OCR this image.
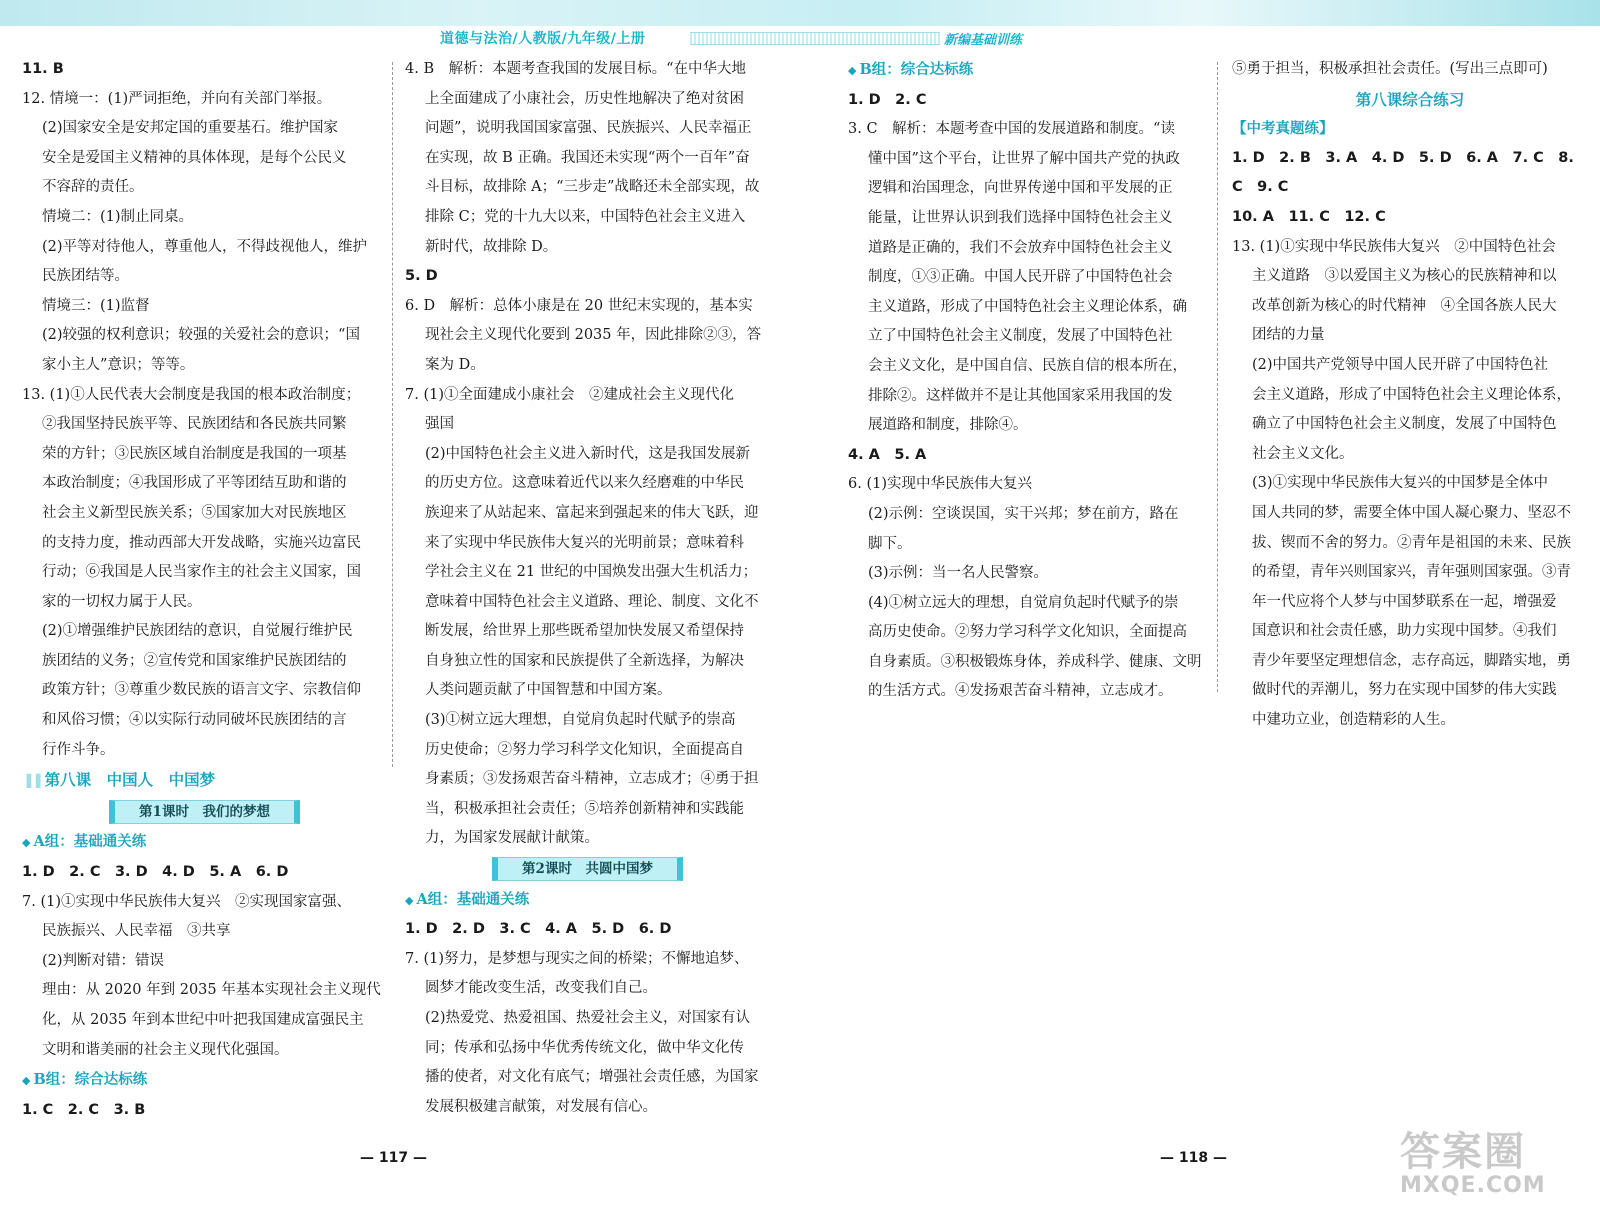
道德与法治/人教版/九年级/上册	新编基础训练

11. B

12. 情境一：(1)严词拒绝，并向有关部门举报。

(2)国家安全是安邦定国的重要基石。维护国家

安全是爱国主义精神的具体体现，是每个公民义

不容辞的责任。

情境二：(1)制止同桌。

(2)平等对待他人，尊重他人，不得歧视他人，维护

民族团结等。

情境三：(1)监督

(2)较强的权利意识；较强的关爱社会的意识；“国

家小主人”意识；等等。

13. (1)①人民代表大会制度是我国的根本政治制度；

②我国坚持民族平等、民族团结和各民族共同繁

荣的方针；③民族区域自治制度是我国的一项基

本政治制度；④我国形成了平等团结互助和谐的

社会主义新型民族关系；⑤国家加大对民族地区

的支持力度，推动西部大开发战略，实施兴边富民

行动；⑥我国是人民当家作主的社会主义国家，国

家的一切权力属于人民。

(2)①增强维护民族团结的意识，自觉履行维护民

族团结的义务；②宣传党和国家维护民族团结的

政策方针；③尊重少数民族的语言文字、宗教信仰

和风俗习惯；④以实际行动同破坏民族团结的言

行作斗争。

▐▐ 第八课　中国人　中国梦

第1课时　我们的梦想

◆ A组：基础通关练

1. D　2. C　3. D　4. D　5. A　6. D

7. (1)①实现中华民族伟大复兴　②实现国家富强、

民族振兴、人民幸福　③共享

(2)判断对错：错误

理由：从 2020 年到 2035 年基本实现社会主义现代

化，从 2035 年到本世纪中叶把我国建成富强民主

文明和谐美丽的社会主义现代化强国。

◆ B组：综合达标练

1. C　2. C　3. B

4. B　解析：本题考查我国的发展目标。“在中华大地

上全面建成了小康社会，历史性地解决了绝对贫困

问题”，说明我国国家富强、民族振兴、人民幸福正

在实现，故 B 正确。我国还未实现“两个一百年”奋

斗目标，故排除 A；“三步走”战略还未全部实现，故

排除 C；党的十九大以来，中国特色社会主义进入

新时代，故排除 D。

5. D

6. D　解析：总体小康是在 20 世纪末实现的，基本实

现社会主义现代化要到 2035 年，因此排除②③，答

案为 D。

7. (1)①全面建成小康社会　②建成社会主义现代化

强国

(2)中国特色社会主义进入新时代，这是我国发展新

的历史方位。这意味着近代以来久经磨难的中华民

族迎来了从站起来、富起来到强起来的伟大飞跃，迎

来了实现中华民族伟大复兴的光明前景；意味着科

学社会主义在 21 世纪的中国焕发出强大生机活力；

意味着中国特色社会主义道路、理论、制度、文化不

断发展，给世界上那些既希望加快发展又希望保持

自身独立性的国家和民族提供了全新选择，为解决

人类问题贡献了中国智慧和中国方案。

(3)①树立远大理想，自觉肩负起时代赋予的崇高

历史使命；②努力学习科学文化知识，全面提高自

身素质；③发扬艰苦奋斗精神，立志成才；④勇于担

当，积极承担社会责任；⑤培养创新精神和实践能

力，为国家发展献计献策。

第2课时　共圆中国梦

◆ A组：基础通关练

1. D　2. D　3. C　4. A　5. D　6. D

7. (1)努力，是梦想与现实之间的桥梁；不懈地追梦、

圆梦才能改变生活，改变我们自己。

(2)热爱党、热爱祖国、热爱社会主义，对国家有认

同；传承和弘扬中华优秀传统文化，做中华文化传

播的使者，对文化有底气；增强社会责任感，为国家

发展积极建言献策，对发展有信心。

◆ B组：综合达标练

1. D　2. C

3. C　解析：本题考查中国的发展道路和制度。“读

懂中国”这个平台，让世界了解中国共产党的执政

逻辑和治国理念，向世界传递中国和平发展的正

能量，让世界认识到我们选择中国特色社会主义

道路是正确的，我们不会放弃中国特色社会主义

制度，①③正确。中国人民开辟了中国特色社会

主义道路，形成了中国特色社会主义理论体系，确

立了中国特色社会主义制度，发展了中国特色社

会主义文化，是中国自信、民族自信的根本所在，

排除②。这样做并不是让其他国家采用我国的发

展道路和制度，排除④。

4. A　5. A

6. (1)实现中华民族伟大复兴

(2)示例：空谈误国，实干兴邦；梦在前方，路在

脚下。

(3)示例：当一名人民警察。

(4)①树立远大的理想，自觉肩负起时代赋予的崇

高历史使命。②努力学习科学文化知识，全面提高

自身素质。③积极锻炼身体，养成科学、健康、文明

的生活方式。④发扬艰苦奋斗精神，立志成才。

⑤勇于担当，积极承担社会责任。(写出三点即可)

第八课综合练习

【中考真题练】

1. D　2. B　3. A　4. D　5. D　6. A　7. C　8. C　9. C

10. A　11. C　12. C

13. (1)①实现中华民族伟大复兴　②中国特色社会

主义道路　③以爱国主义为核心的民族精神和以

改革创新为核心的时代精神　④全国各族人民大

团结的力量

(2)中国共产党领导中国人民开辟了中国特色社

会主义道路，形成了中国特色社会主义理论体系，

确立了中国特色社会主义制度，发展了中国特色

社会主义文化。

(3)①实现中华民族伟大复兴的中国梦是全体中

国人共同的梦，需要全体中国人凝心聚力、坚忍不

拔、锲而不舍的努力。②青年是祖国的未来、民族

的希望，青年兴则国家兴，青年强则国家强。③青

年一代应将个人梦与中国梦联系在一起，增强爱

国意识和社会责任感，助力实现中国梦。④我们

青少年要坚定理想信念，志存高远，脚踏实地，勇

做时代的弄潮儿，努力在实现中国梦的伟大实践

中建功立业，创造精彩的人生。

— 117 —	— 118 —	答案圈
MXQE.COM
